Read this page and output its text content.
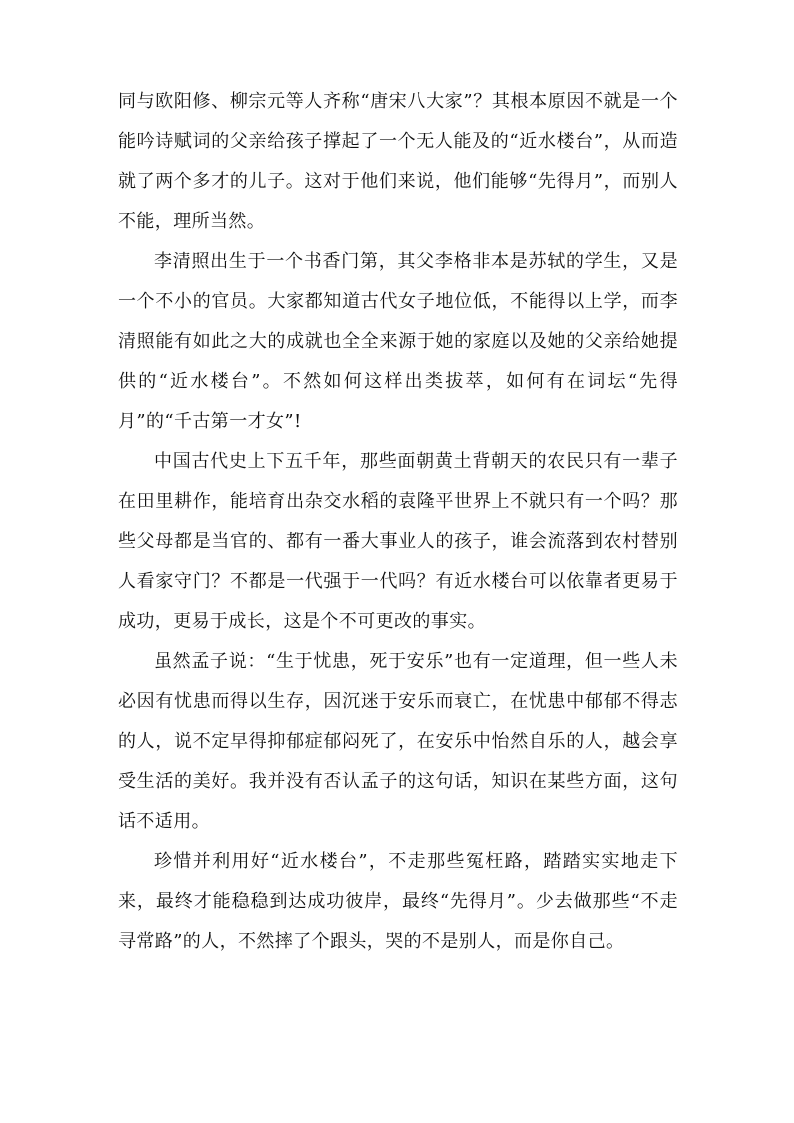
同与欧阳修、柳宗元等人齐称“唐宋八大家”？其根本原因不就是一个能吟诗赋词的父亲给孩子撑起了一个无人能及的“近水楼台”，从而造就了两个多才的儿子。这对于他们来说，他们能够“先得月”，而别人不能，理所当然。

李清照出生于一个书香门第，其父李格非本是苏轼的学生，又是一个不小的官员。大家都知道古代女子地位低，不能得以上学，而李清照能有如此之大的成就也全全来源于她的家庭以及她的父亲给她提供的“近水楼台”。不然如何这样出类拔萃，如何有在词坛“先得月”的“千古第一才女”!

中国古代史上下五千年，那些面朝黄土背朝天的农民只有一辈子在田里耕作，能培育出杂交水稻的袁隆平世界上不就只有一个吗？那些父母都是当官的、都有一番大事业人的孩子，谁会流落到农村替别人看家守门？不都是一代强于一代吗？有近水楼台可以依靠者更易于成功，更易于成长，这是个不可更改的事实。

虽然孟子说：“生于忧患，死于安乐”也有一定道理，但一些人未必因有忧患而得以生存，因沉迷于安乐而衰亡，在忧患中郁郁不得志的人，说不定早得抑郁症郁闷死了，在安乐中怡然自乐的人，越会享受生活的美好。我并没有否认孟子的这句话，知识在某些方面，这句话不适用。

珍惜并利用好“近水楼台”，不走那些冤枉路，踏踏实实地走下来，最终才能稳稳到达成功彼岸，最终“先得月”。少去做那些“不走寻常路”的人，不然摔了个跟头，哭的不是别人，而是你自己。
